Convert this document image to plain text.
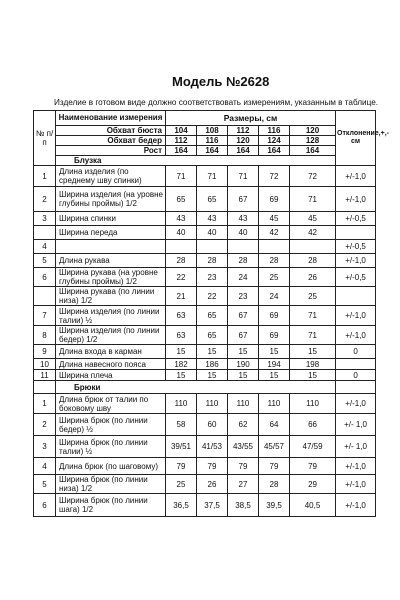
Модель №2628
Изделие в готовом виде должно соответствовать измерениям, указанным в таблице.
№ п/п	Наименование измерения	Размеры, см					Отклонение,+,- см
	Обхват бюста	104	108	112	116	120	
	Обхват бедер	112	116	120	124	128	
	Рост	164	164	164	164	164	
	Блузка						
1	Длина изделия (по среднему шву спинки)	71	71	71	72	72	+/-1,0
2	Ширина изделия (на уровне глубины проймы) 1/2	65	65	67	69	71	+/-1,0
3	Ширина спинки	43	43	43	45	45	+/-0,5
	Ширина переда	40	40	40	42	42	
4							+/-0,5
5	Длина рукава	28	28	28	28	28	+/-1,0
6	Ширина рукава (на уровне глубины проймы) 1/2	22	23	24	25	26	+/-0,5
	Ширина рукава (по линии низа) 1/2	21	22	23	24	25	
7	Ширина изделия (по линии талии) ½	63	65	67	69	71	+/-1,0
8	Ширина изделия (по линии бедер) 1/2	63	65	67	69	71	+/-1,0
9	Длина входа в карман	15	15	15	15	15	0
10	Длина навесного пояса	182	186	190	194	198	
11	Ширина плеча	15	15	15	15	15	0
	Брюки						
1	Длина брюк от талии по боковому шву	110	110	110	110	110	+/-1,0
2	Ширина брюк (по линии бедер) ½	58	60	62	64	66	+/- 1,0
3	Ширина брюк (по линии талии) ½	39/51	41/53	43/55	45/57	47/59	+/- 1,0
4	Длина брюк (по шаговому)	79	79	79	79	79	+/-1,0
5	Ширина брюк (по линии низа) 1/2	25	26	27	28	29	+/-1,0
6	Ширина брюк (по линии шага) 1/2	36,5	37,5	38,5	39,5	40,5	+/-1,0
